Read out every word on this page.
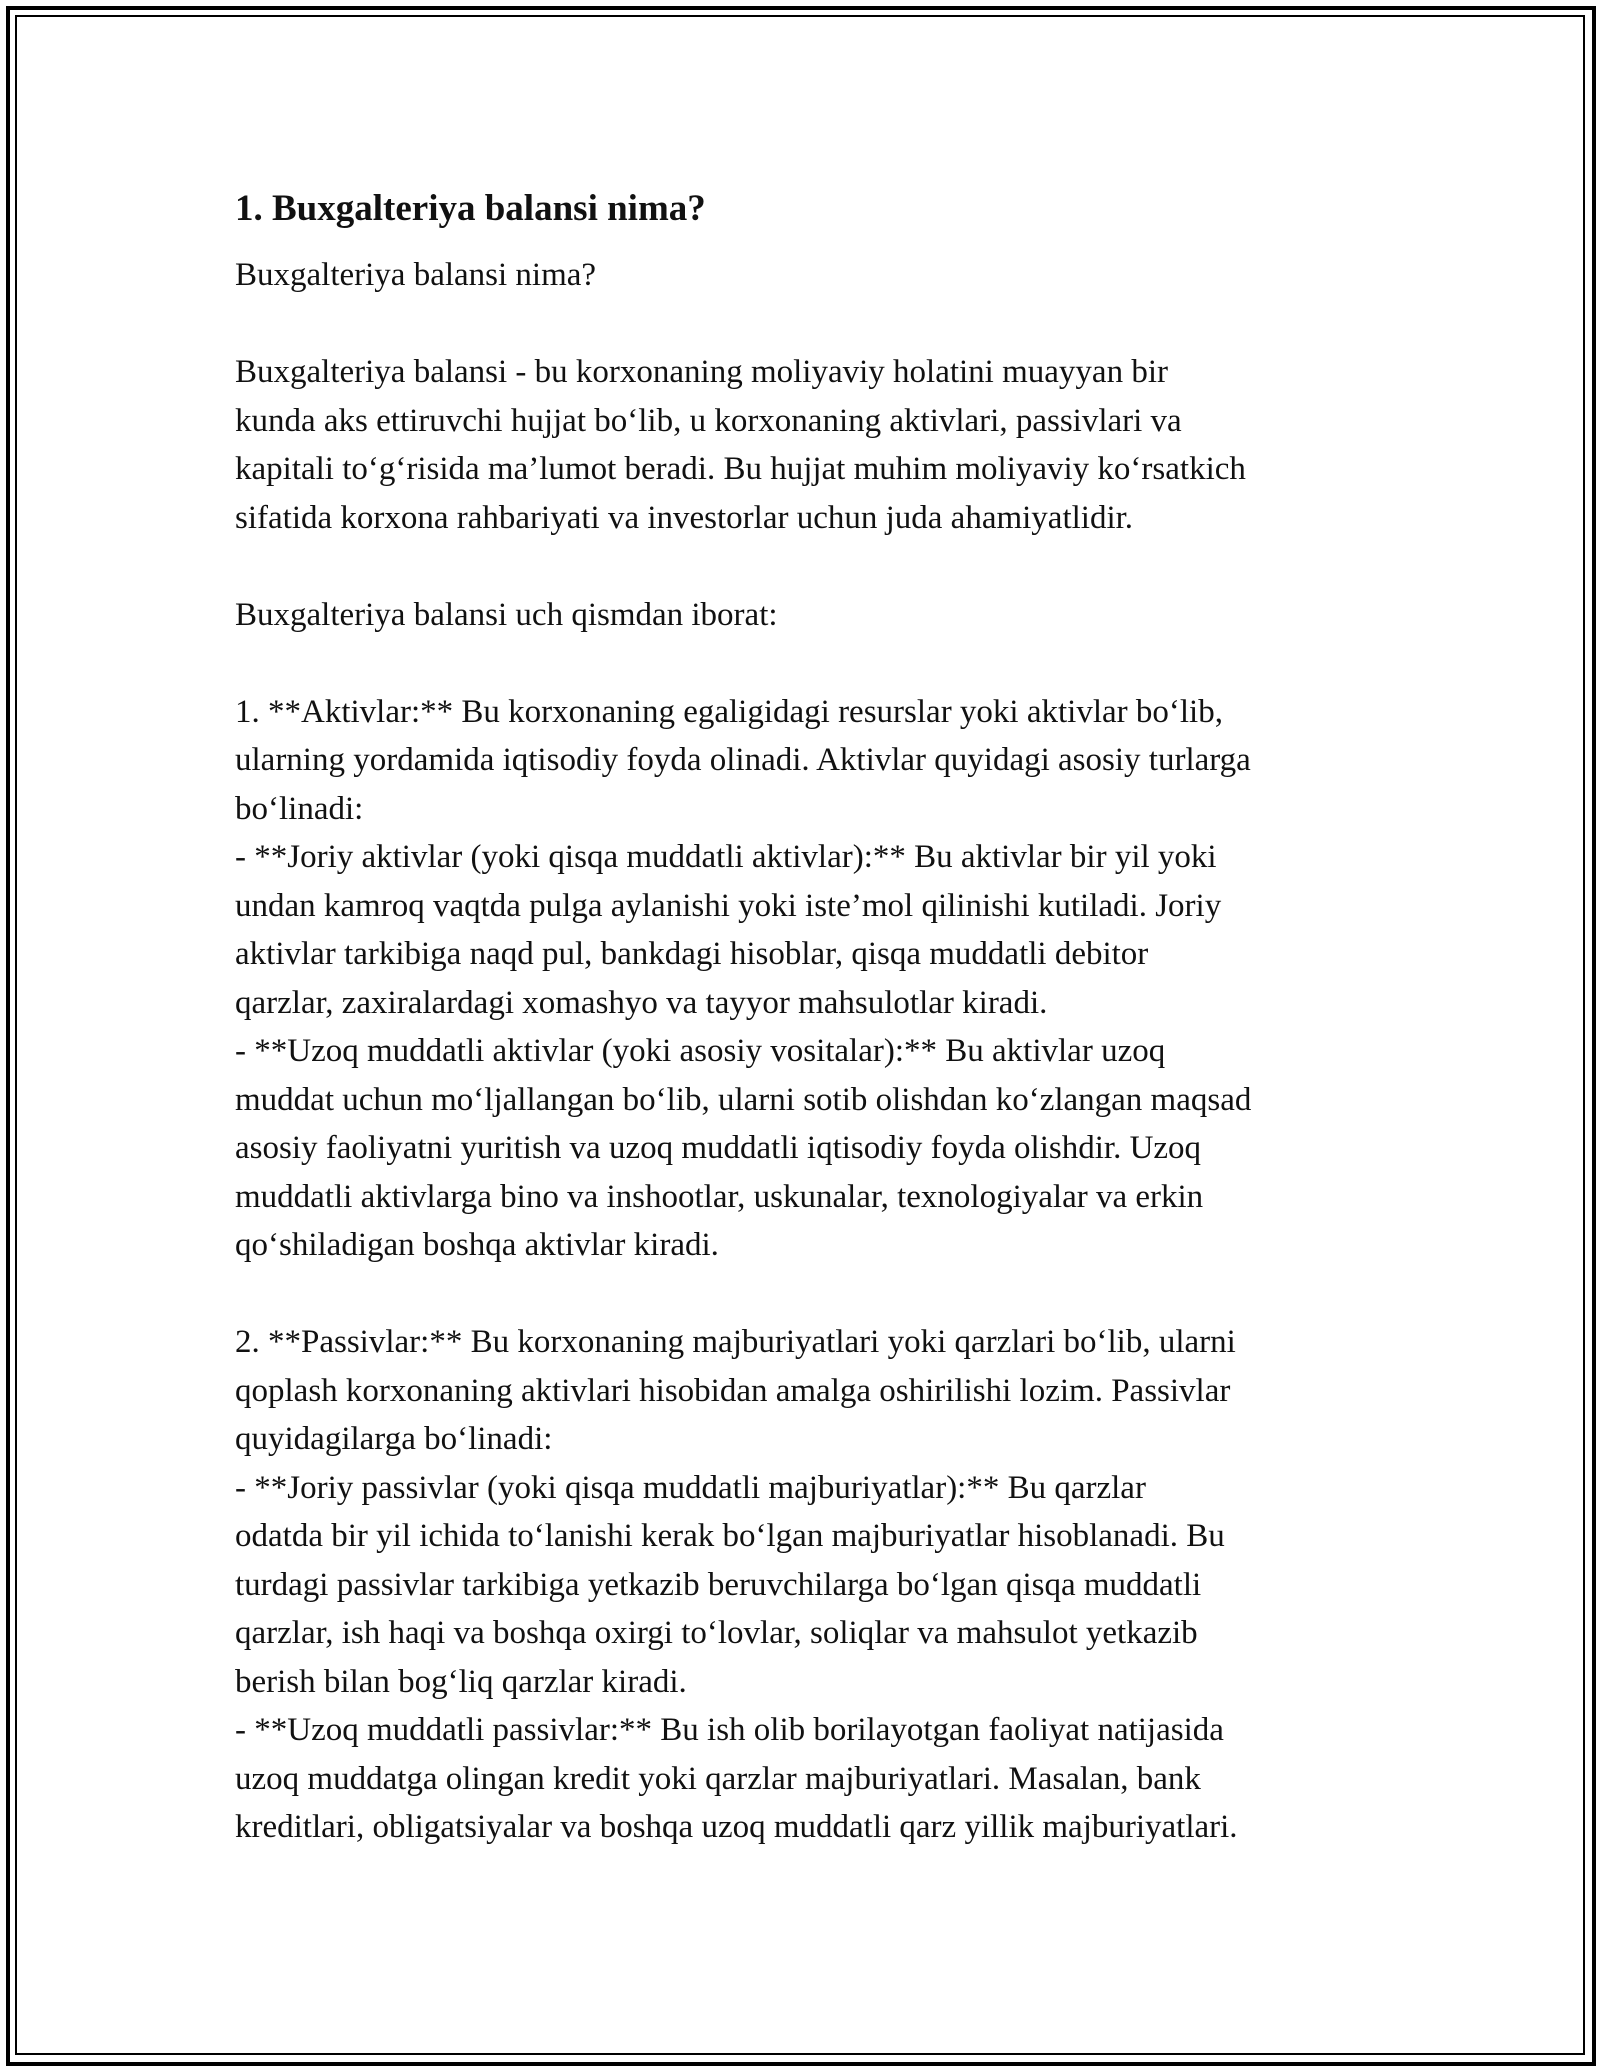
1. Buxgalteriya balansi nima?

Buxgalteriya balansi nima?

Buxgalteriya balansi - bu korxonaning moliyaviy holatini muayyan bir
kunda aks ettiruvchi hujjat bo‘lib, u korxonaning aktivlari, passivlari va
kapitali to‘g‘risida ma’lumot beradi. Bu hujjat muhim moliyaviy ko‘rsatkich
sifatida korxona rahbariyati va investorlar uchun juda ahamiyatlidir.

Buxgalteriya balansi uch qismdan iborat:

1. **Aktivlar:** Bu korxonaning egaligidagi resurslar yoki aktivlar bo‘lib,
ularning yordamida iqtisodiy foyda olinadi. Aktivlar quyidagi asosiy turlarga
bo‘linadi:
- **Joriy aktivlar (yoki qisqa muddatli aktivlar):** Bu aktivlar bir yil yoki
undan kamroq vaqtda pulga aylanishi yoki iste’mol qilinishi kutiladi. Joriy
aktivlar tarkibiga naqd pul, bankdagi hisoblar, qisqa muddatli debitor
qarzlar, zaxiralardagi xomashyo va tayyor mahsulotlar kiradi.
- **Uzoq muddatli aktivlar (yoki asosiy vositalar):** Bu aktivlar uzoq
muddat uchun mo‘ljallangan bo‘lib, ularni sotib olishdan ko‘zlangan maqsad
asosiy faoliyatni yuritish va uzoq muddatli iqtisodiy foyda olishdir. Uzoq
muddatli aktivlarga bino va inshootlar, uskunalar, texnologiyalar va erkin
qo‘shiladigan boshqa aktivlar kiradi.

2. **Passivlar:** Bu korxonaning majburiyatlari yoki qarzlari bo‘lib, ularni
qoplash korxonaning aktivlari hisobidan amalga oshirilishi lozim. Passivlar
quyidagilarga bo‘linadi:
- **Joriy passivlar (yoki qisqa muddatli majburiyatlar):** Bu qarzlar
odatda bir yil ichida to‘lanishi kerak bo‘lgan majburiyatlar hisoblanadi. Bu
turdagi passivlar tarkibiga yetkazib beruvchilarga bo‘lgan qisqa muddatli
qarzlar, ish haqi va boshqa oxirgi to‘lovlar, soliqlar va mahsulot yetkazib
berish bilan bog‘liq qarzlar kiradi.
- **Uzoq muddatli passivlar:** Bu ish olib borilayotgan faoliyat natijasida
uzoq muddatga olingan kredit yoki qarzlar majburiyatlari. Masalan, bank
kreditlari, obligatsiyalar va boshqa uzoq muddatli qarz yillik majburiyatlari.
